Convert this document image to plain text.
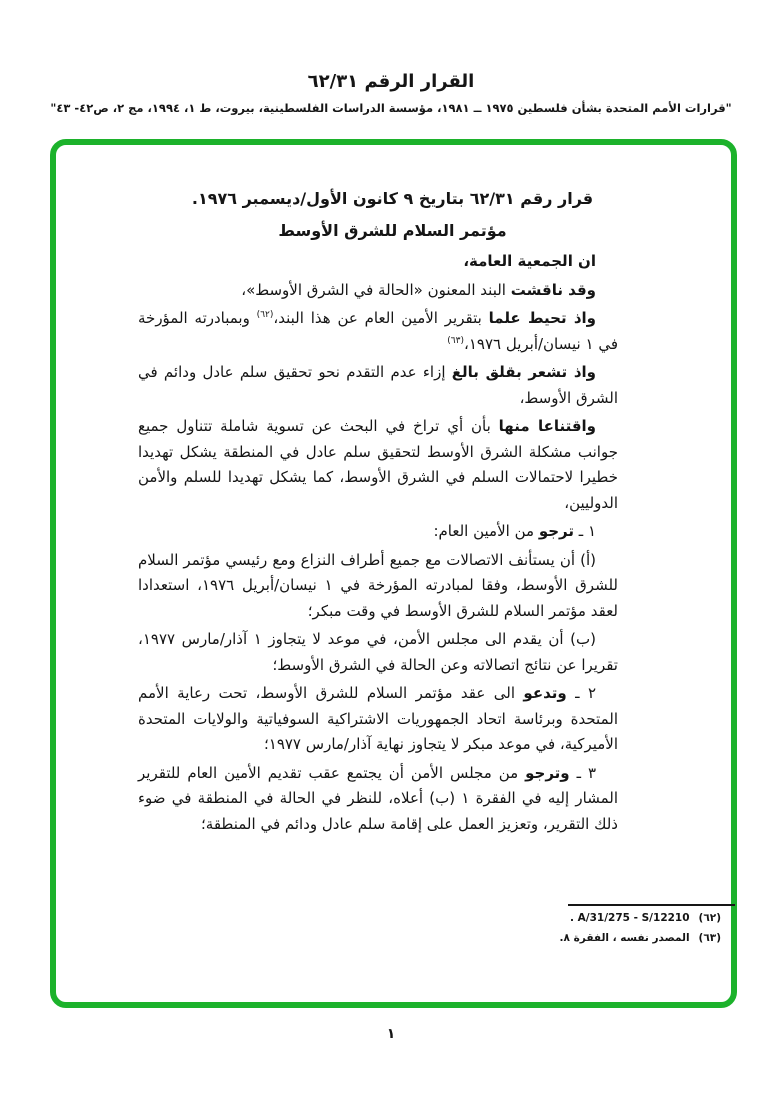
القرار الرقم ٦٢/٣١
"قرارات الأمم المتحدة بشأن فلسطين ١٩٧٥ ــ ١٩٨١، مؤسسة الدراسات الفلسطينية، بيروت، ط ١، ١٩٩٤، مج ٢، ص٤٢- ٤٣"
قرار رقم ٦٢/٣١ بتاريخ ٩ كانون الأول/ديسمبر ١٩٧٦.
مؤتمر السلام للشرق الأوسط

ان الجمعية العامة،

وقد ناقشت البند المعنون «الحالة في الشرق الأوسط»،

واذ تحيط علما بتقرير الأمين العام عن هذا البند،$^{(٦٢)}$ وبمبادرته المؤرخة في ١ نيسان/أبريل ١٩٧٦،$^{(٦٣)}$

واذ تشعر بقلق بالغ إزاء عدم التقدم نحو تحقيق سلم عادل ودائم في الشرق الأوسط،

واقتناعا منها بأن أي تراخ في البحث عن تسوية شاملة تتناول جميع جوانب مشكلة الشرق الأوسط لتحقيق سلم عادل في المنطقة يشكل تهديدا خطيرا لاحتمالات السلم في الشرق الأوسط، كما يشكل تهديدا للسلم والأمن الدوليين،

١ ـ ترجو من الأمين العام:

(أ) أن يستأنف الاتصالات مع جميع أطراف النزاع ومع رئيسي مؤتمر السلام للشرق الأوسط، وفقا لمبادرته المؤرخة في ١ نيسان/أبريل ١٩٧٦، استعدادا لعقد مؤتمر السلام للشرق الأوسط في وقت مبكر؛

(ب) أن يقدم الى مجلس الأمن، في موعد لا يتجاوز ١ آذار/مارس ١٩٧٧، تقريرا عن نتائج اتصالاته وعن الحالة في الشرق الأوسط؛

٢ ـ وتدعو الى عقد مؤتمر السلام للشرق الأوسط، تحت رعاية الأمم المتحدة وبرئاسة اتحاد الجمهوريات الاشتراكية السوفياتية والولايات المتحدة الأميركية، في موعد مبكر لا يتجاوز نهاية آذار/مارس ١٩٧٧؛

٣ ـ وترجو من مجلس الأمن أن يجتمع عقب تقديم الأمين العام للتقرير المشار إليه في الفقرة ١ (ب) أعلاه، للنظر في الحالة في المنطقة في ضوء ذلك التقرير، وتعزيز العمل على إقامة سلم عادل ودائم في المنطقة؛

(٦٢)
A/31/275 - S/12210 .
(٦٣)
المصدر نفسه ، الفقرة ٨.
١
